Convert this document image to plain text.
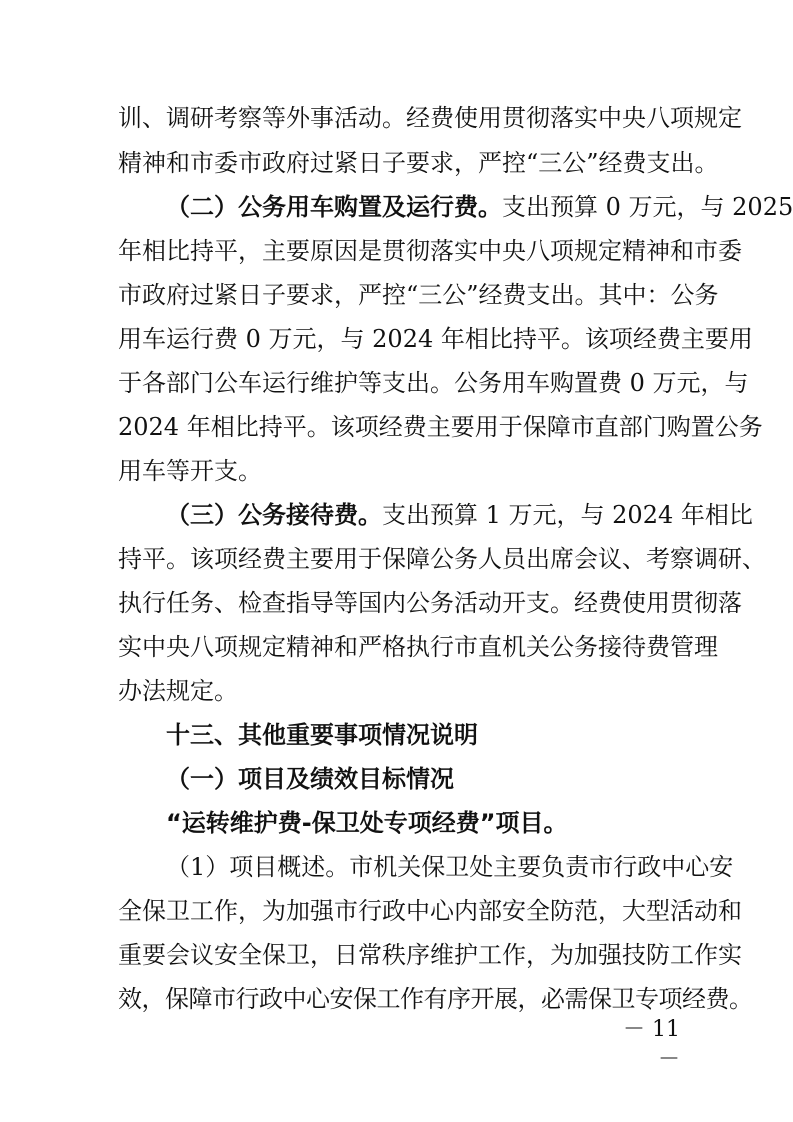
训、调研考察等外事活动。经费使用贯彻落实中央八项规定
精神和市委市政府过紧日子要求，严控“三公”经费支出。
（二）公务用车购置及运行费。支出预算 0 万元，与 2025
年相比持平，主要原因是贯彻落实中央八项规定精神和市委
市政府过紧日子要求，严控“三公”经费支出。其中：公务
用车运行费 0 万元，与 2024 年相比持平。该项经费主要用
于各部门公车运行维护等支出。公务用车购置费 0 万元，与
2024 年相比持平。该项经费主要用于保障市直部门购置公务
用车等开支。
（三）公务接待费。支出预算 1 万元，与 2024 年相比
持平。该项经费主要用于保障公务人员出席会议、考察调研、
执行任务、检查指导等国内公务活动开支。经费使用贯彻落
实中央八项规定精神和严格执行市直机关公务接待费管理
办法规定。
十三、其他重要事项情况说明
（一）项目及绩效目标情况
“运转维护费-保卫处专项经费”项目。
（1）项目概述。市机关保卫处主要负责市行政中心安
全保卫工作，为加强市行政中心内部安全防范，大型活动和
重要会议安全保卫，日常秩序维护工作，为加强技防工作实
效，保障市行政中心安保工作有序开展，必需保卫专项经费。
－ 11 －
